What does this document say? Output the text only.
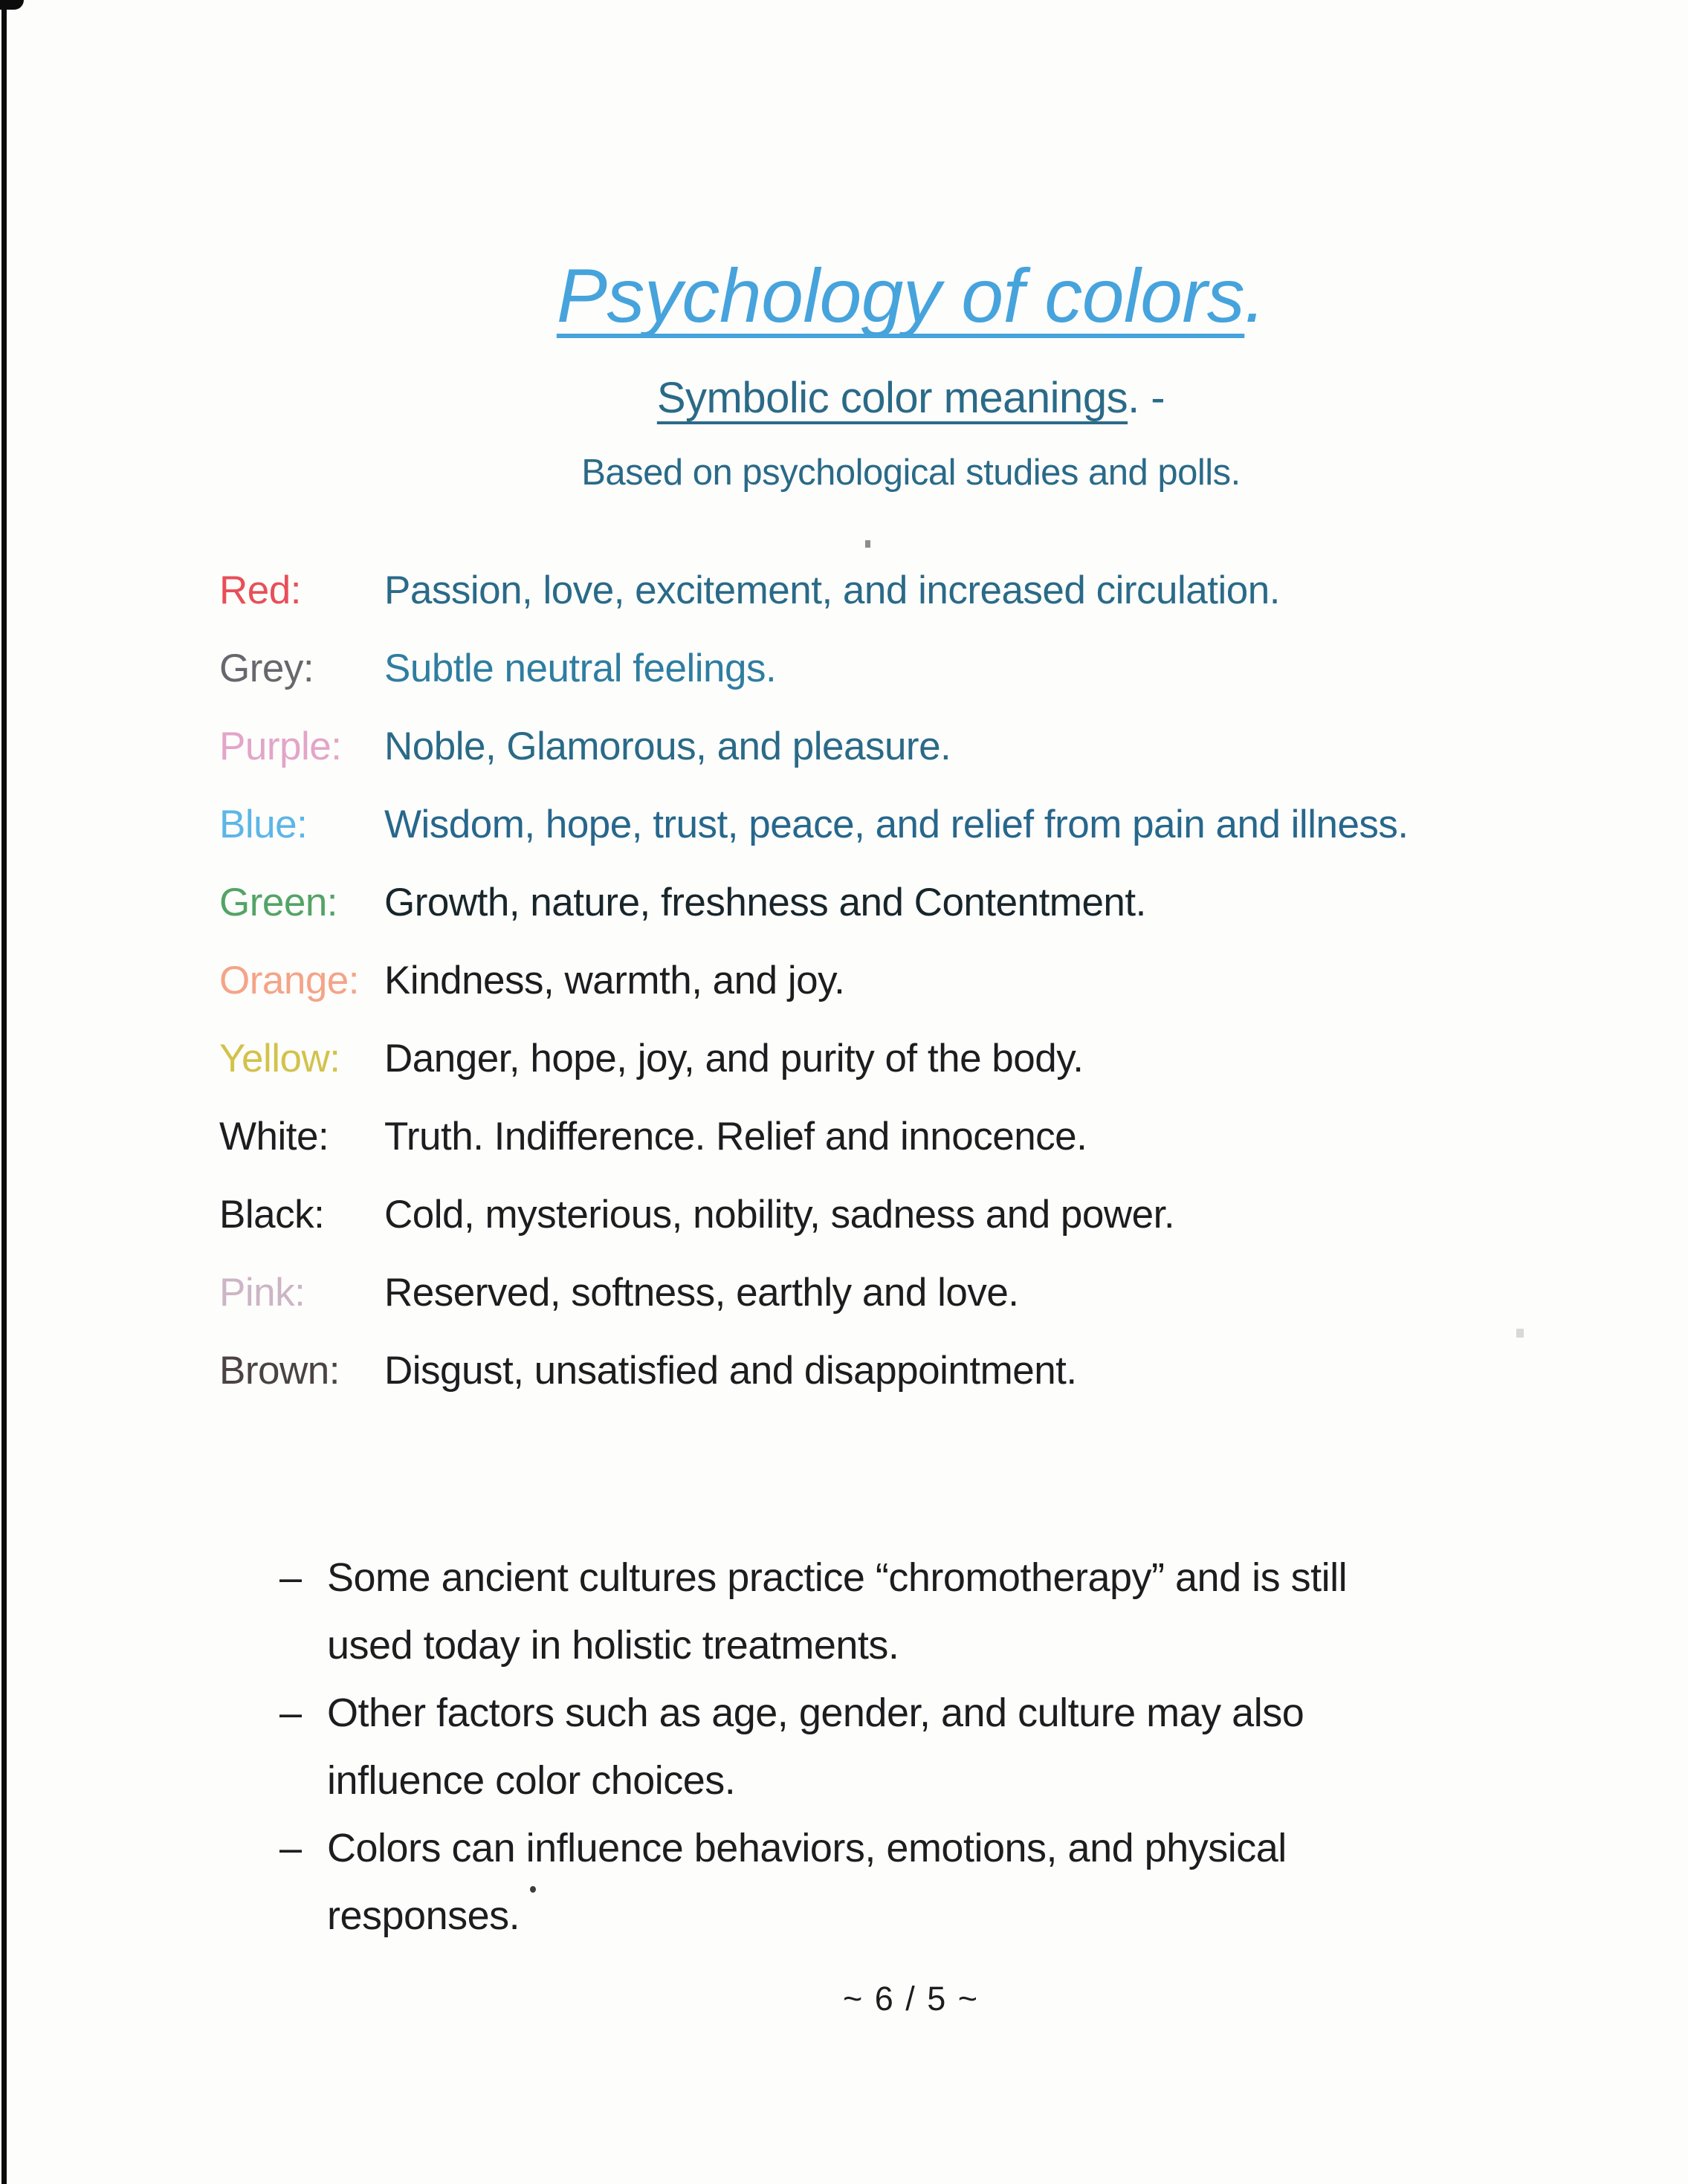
Psychology of colors.
Symbolic color meanings. -
Based on psychological studies and polls.
Red:	Passion, love, excitement, and increased circulation.
Grey:	Subtle neutral feelings.
Purple:	Noble, Glamorous, and pleasure.
Blue:	Wisdom, hope, trust, peace, and relief from pain and illness.
Green:	Growth, nature, freshness and Contentment.
Orange: Kindness, warmth, and joy.
Yellow:	Danger, hope, joy, and purity of the body.
White:	Truth. Indifference. Relief and innocence.
Black:	Cold, mysterious, nobility, sadness and power.
Pink:	Reserved, softness, earthly and love.
Brown:	Disgust, unsatisfied and disappointment.
– Some ancient cultures practice “chromotherapy” and is still
used today in holistic treatments.
– Other factors such as age, gender, and culture may also
influence color choices.
– Colors can influence behaviors, emotions, and physical
responses.
~ 6 / 5 ~
